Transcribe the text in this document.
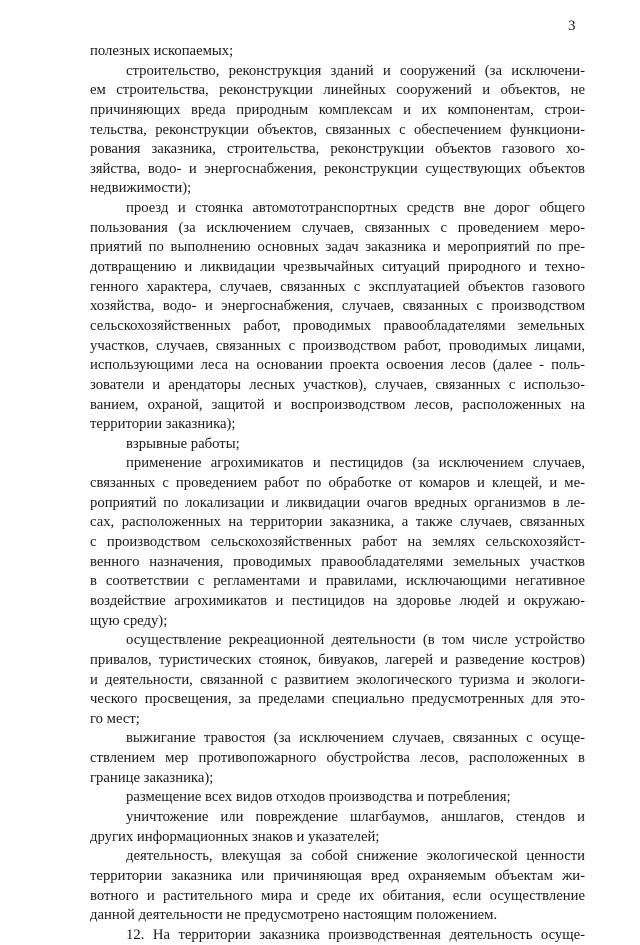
3
полезных ископаемых;
строительство, реконструкция зданий и сооружений (за исключени-
ем строительства, реконструкции линейных сооружений и объектов, не
причиняющих вреда природным комплексам и их компонентам, строи-
тельства, реконструкции объектов, связанных с обеспечением функциони-
рования заказника, строительства, реконструкции объектов газового хо-
зяйства, водо- и энергоснабжения, реконструкции существующих объектов
недвижимости);
проезд и стоянка автомототранспортных средств вне дорог общего
пользования (за исключением случаев, связанных с проведением меро-
приятий по выполнению основных задач заказника и мероприятий по пре-
дотвращению и ликвидации чрезвычайных ситуаций природного и техно-
генного характера, случаев, связанных с эксплуатацией объектов газового
хозяйства, водо- и энергоснабжения, случаев, связанных с производством
сельскохозяйственных работ, проводимых правообладателями земельных
участков, случаев, связанных с производством работ, проводимых лицами,
использующими леса на основании проекта освоения лесов (далее - поль-
зователи и арендаторы лесных участков), случаев, связанных с использо-
ванием, охраной, защитой и воспроизводством лесов, расположенных на
территории заказника);
взрывные работы;
применение агрохимикатов и пестицидов (за исключением случаев,
связанных с проведением работ по обработке от комаров и клещей, и ме-
роприятий по локализации и ликвидации очагов вредных организмов в ле-
сах, расположенных на территории заказника, а также случаев, связанных
с производством сельскохозяйственных работ на землях сельскохозяйст-
венного назначения, проводимых правообладателями земельных участков
в соответствии с регламентами и правилами, исключающими негативное
воздействие агрохимикатов и пестицидов на здоровье людей и окружаю-
щую среду);
осуществление рекреационной деятельности (в том числе устройство
привалов, туристических стоянок, бивуаков, лагерей и разведение костров)
и деятельности, связанной с развитием экологического туризма и экологи-
ческого просвещения, за пределами специально предусмотренных для это-
го мест;
выжигание травостоя (за исключением случаев, связанных с осуще-
ствлением мер противопожарного обустройства лесов, расположенных в
границе заказника);
размещение всех видов отходов производства и потребления;
уничтожение или повреждение шлагбаумов, аншлагов, стендов и
других информационных знаков и указателей;
деятельность, влекущая за собой снижение экологической ценности
территории заказника или причиняющая вред охраняемым объектам жи-
вотного и растительного мира и среде их обитания, если осуществление
данной деятельности не предусмотрено настоящим положением.
12. На территории заказника производственная деятельность осуще-
